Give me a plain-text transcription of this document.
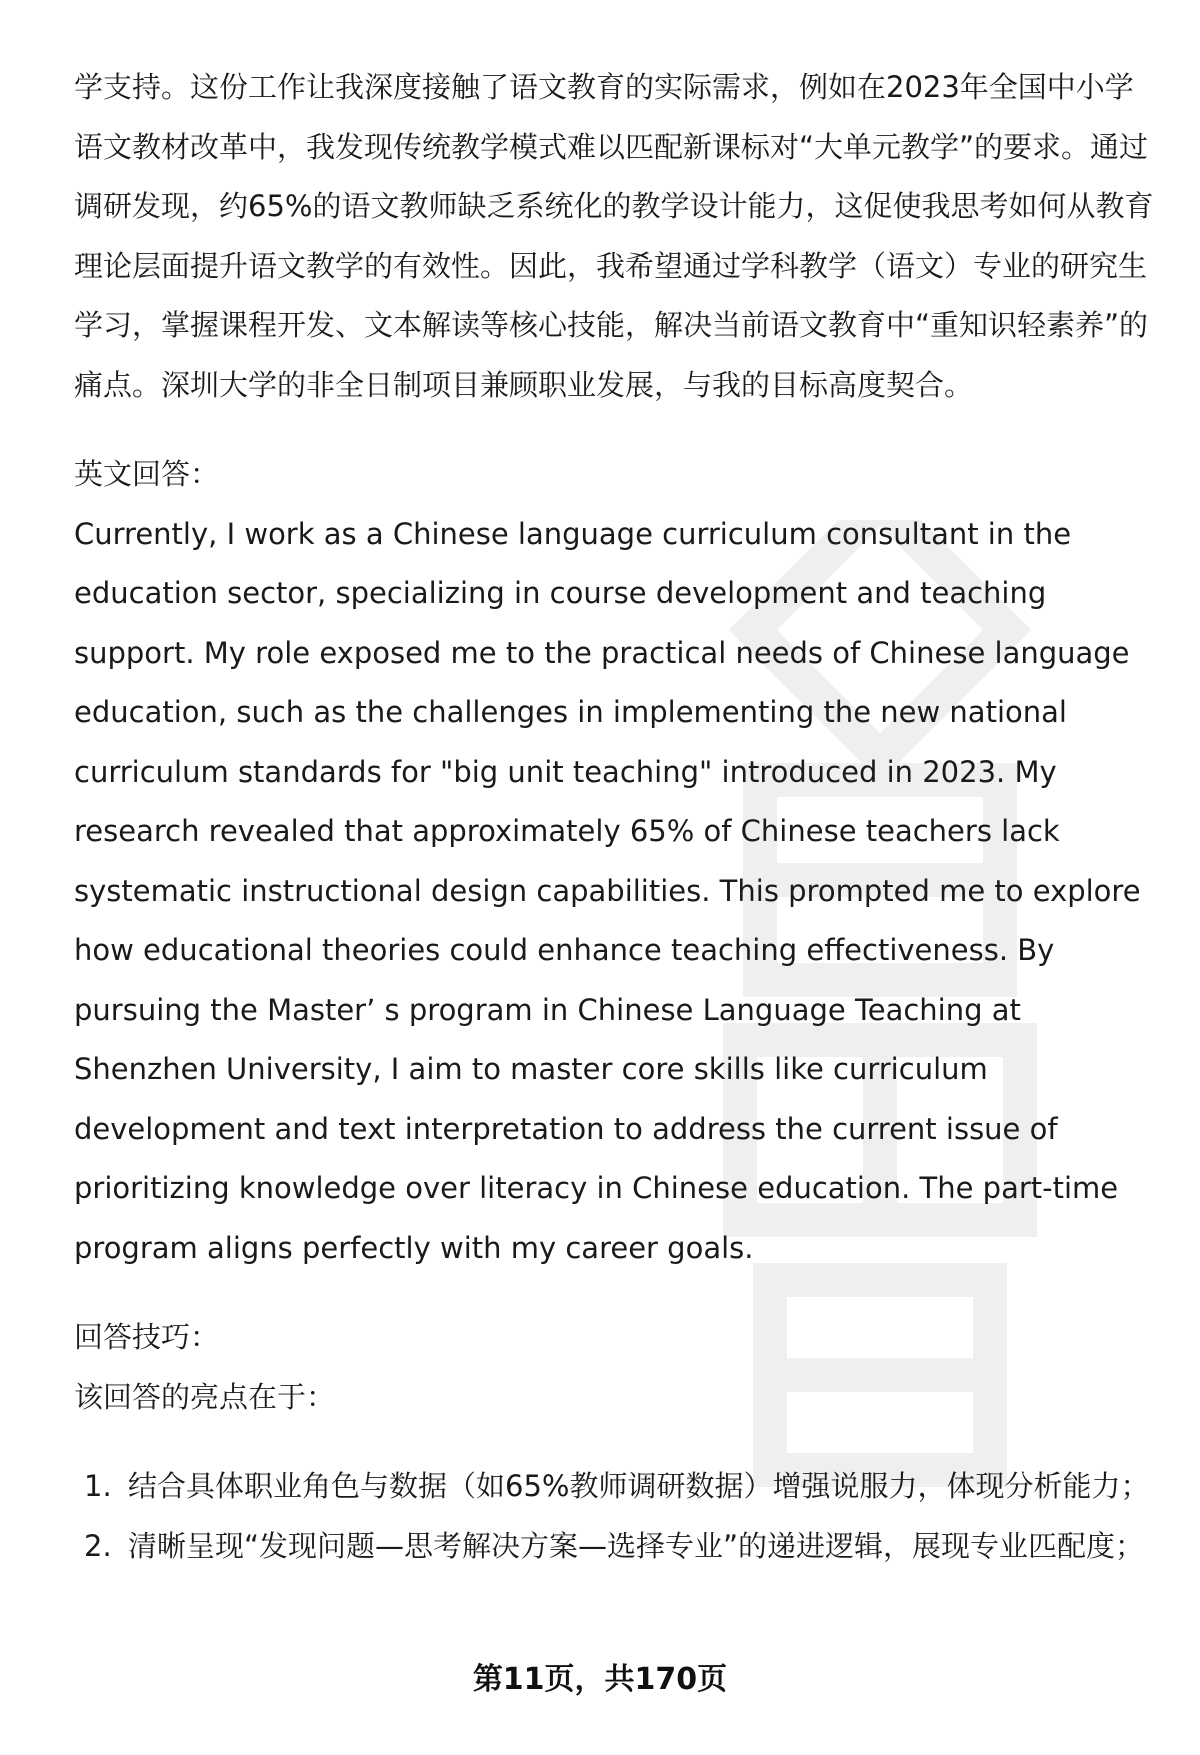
学支持。这份工作让我深度接触了语文教育的实际需求，例如在2023年全国中小学语文教材改革中，我发现传统教学模式难以匹配新课标对“大单元教学”的要求。通过调研发现，约65%的语文教师缺乏系统化的教学设计能力，这促使我思考如何从教育理论层面提升语文教学的有效性。因此，我希望通过学科教学（语文）专业的研究生学习，掌握课程开发、文本解读等核心技能，解决当前语文教育中“重知识轻素养”的痛点。深圳大学的非全日制项目兼顾职业发展，与我的目标高度契合。

英文回答：

Currently, I work as a Chinese language curriculum consultant in the education sector, specializing in course development and teaching support. My role exposed me to the practical needs of Chinese language education, such as the challenges in implementing the new national curriculum standards for "big unit teaching" introduced in 2023. My research revealed that approximately 65% of Chinese teachers lack systematic instructional design capabilities. This prompted me to explore how educational theories could enhance teaching effectiveness. By pursuing the Master’ s program in Chinese Language Teaching at Shenzhen University, I aim to master core skills like curriculum development and text interpretation to address the current issue of prioritizing knowledge over literacy in Chinese education. The part-time program aligns perfectly with my career goals.

回答技巧：

该回答的亮点在于：

1. 结合具体职业角色与数据（如65%教师调研数据）增强说服力，体现分析能力；
2. 清晰呈现“发现问题—思考解决方案—选择专业”的递进逻辑，展现专业匹配度；
第11页，共170页
